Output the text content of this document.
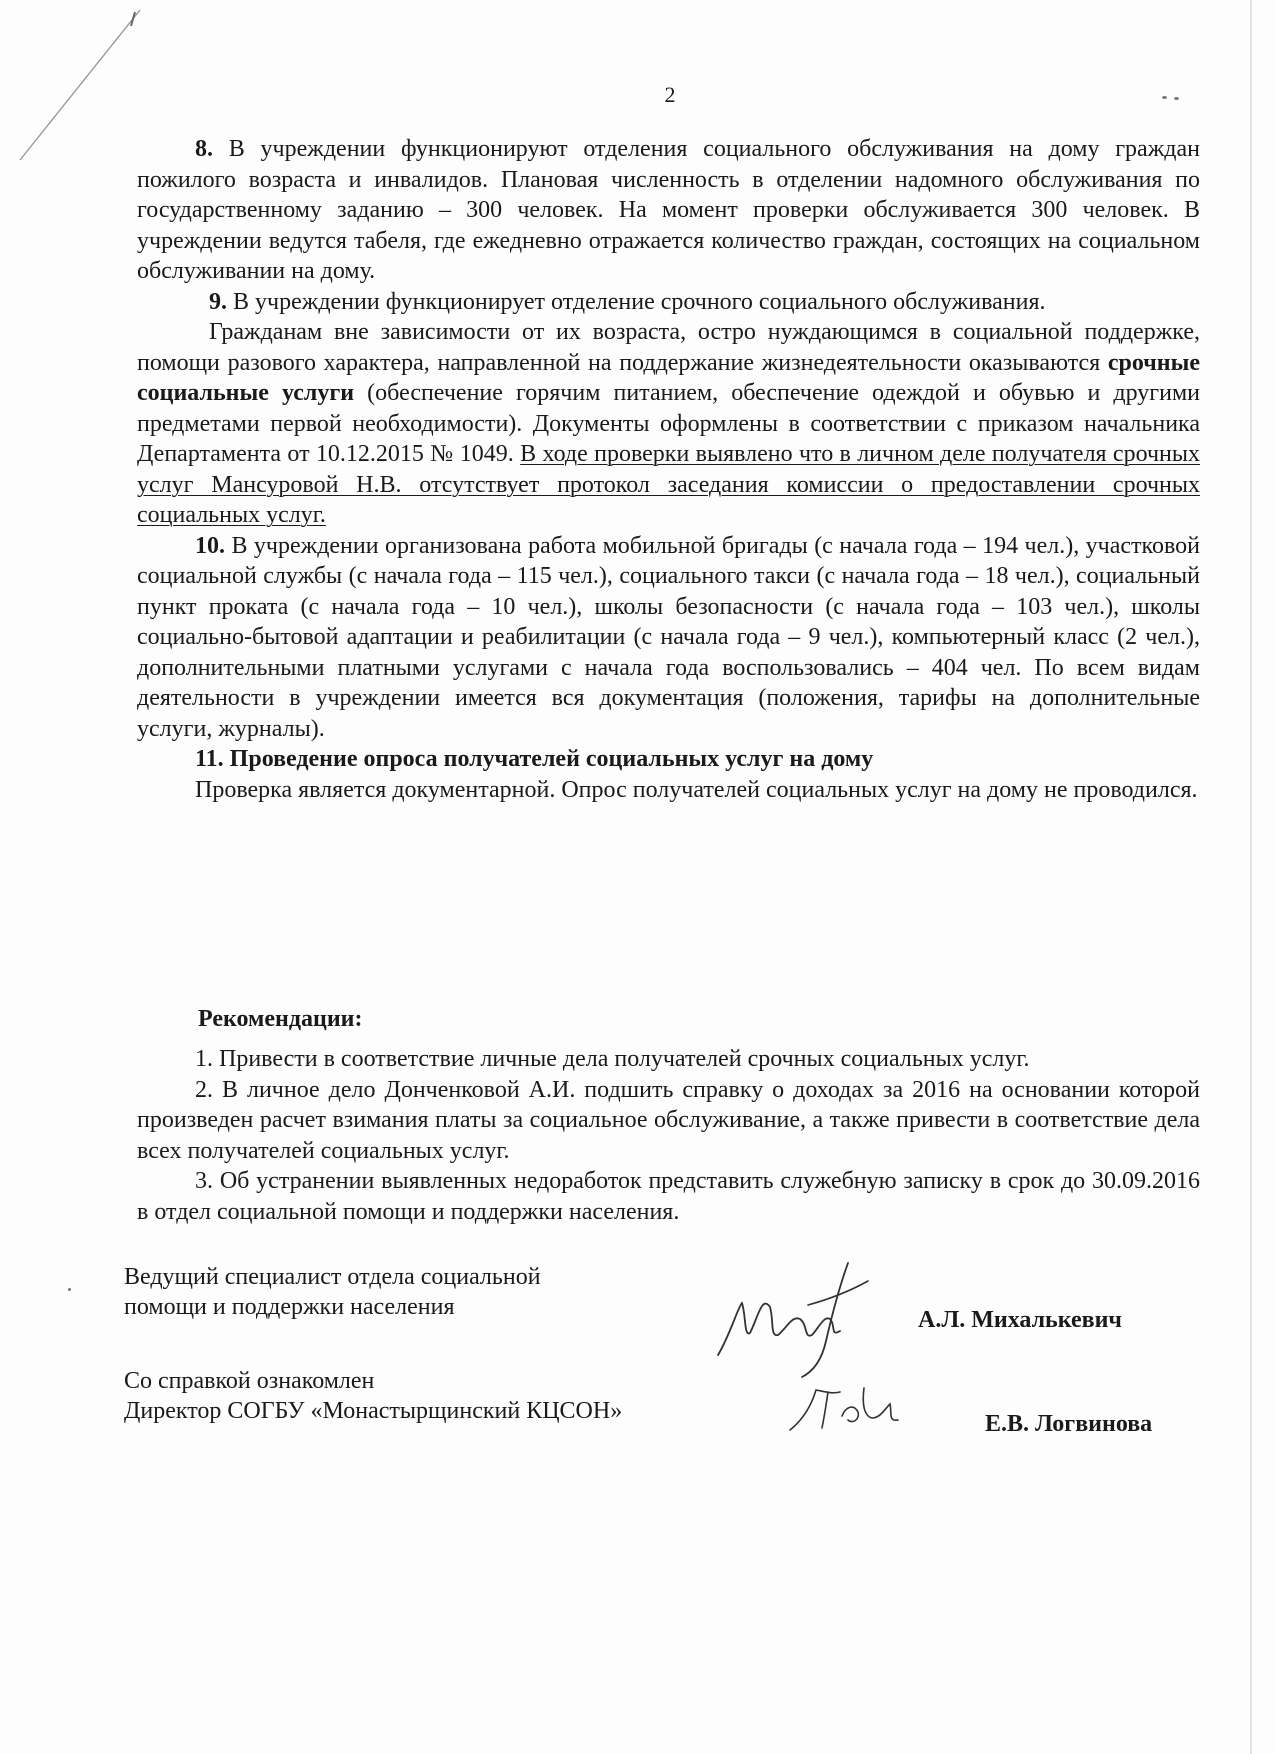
2

8. В учреждении функционируют отделения социального обслуживания на дому граждан пожилого возраста и инвалидов. Плановая численность в отделении надомного обслуживания по государственному заданию – 300 человек. На момент проверки обслуживается 300 человек. В учреждении ведутся табеля, где ежедневно отражается количество граждан, состоящих на социальном обслуживании на дому.

9. В учреждении функционирует отделение срочного социального обслуживания.

Гражданам вне зависимости от их возраста, остро нуждающимся в социальной поддержке, помощи разового характера, направленной на поддержание жизнедеятельности оказываются срочные социальные услуги (обеспечение горячим питанием, обеспечение одеждой и обувью и другими предметами первой необходимости). Документы оформлены в соответствии с приказом начальника Департамента от 10.12.2015 № 1049. В ходе проверки выявлено что в личном деле получателя срочных услуг Мансуровой Н.В. отсутствует протокол заседания комиссии о предоставлении срочных социальных услуг.

10. В учреждении организована работа мобильной бригады (с начала года – 194 чел.), участковой социальной службы (с начала года – 115 чел.), социального такси (с начала года – 18 чел.), социальный пункт проката (с начала года – 10 чел.), школы безопасности (с начала года – 103 чел.), школы социально-бытовой адаптации и реабилитации (с начала года – 9 чел.), компьютерный класс (2 чел.), дополнительными платными услугами с начала года воспользовались – 404 чел. По всем видам деятельности в учреждении имеется вся документация (положения, тарифы на дополнительные услуги, журналы).

11. Проведение опроса получателей социальных услуг на дому

Проверка является документарной. Опрос получателей социальных услуг на дому не проводился.

Рекомендации:

1. Привести в соответствие личные дела получателей срочных социальных услуг.

2. В личное дело Донченковой А.И. подшить справку о доходах за 2016 на основании которой произведен расчет взимания платы за социальное обслуживание, а также привести в соответствие дела всех получателей социальных услуг.

3. Об устранении выявленных недоработок представить служебную записку в срок до 30.09.2016 в отдел социальной помощи и поддержки населения.

Ведущий специалист отдела социальной
помощи и поддержки населения	А.Л. Михалькевич
Со справкой ознакомлен
Директор СОГБУ «Монастырщинский КЦСОН»	Е.В. Логвинова
